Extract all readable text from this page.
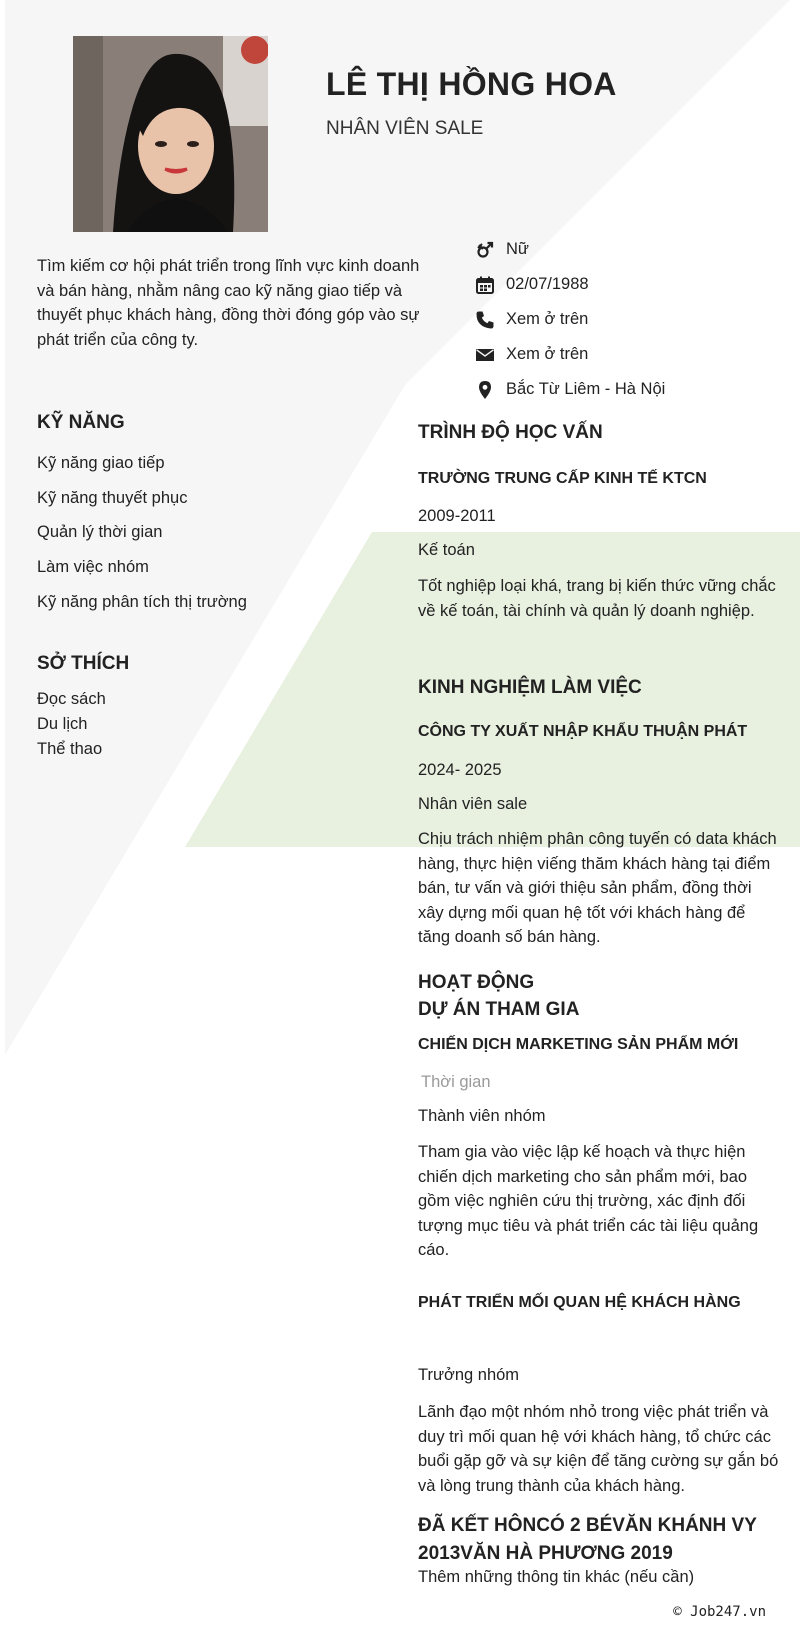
LÊ THỊ HỒNG HOA
NHÂN VIÊN SALE

Tìm kiếm cơ hội phát triển trong lĩnh vực kinh doanh và bán hàng, nhằm nâng cao kỹ năng giao tiếp và thuyết phục khách hàng, đồng thời đóng góp vào sự phát triển của công ty.

KỸ NĂNG
Kỹ năng giao tiếp
Kỹ năng thuyết phục
Quản lý thời gian
Làm việc nhóm
Kỹ năng phân tích thị trường
SỞ THÍCH
Đọc sách
Du lịch
Thể thao
Nữ
02/07/1988
Xem ở trên
Xem ở trên
Bắc Từ Liêm - Hà Nội
TRÌNH ĐỘ HỌC VẤN
TRƯỜNG TRUNG CẤP KINH TẾ KTCN
2009-2011
Kế toán

Tốt nghiệp loại khá, trang bị kiến thức vững chắc về kế toán, tài chính và quản lý doanh nghiệp.

KINH NGHIỆM LÀM VIỆC
CÔNG TY XUẤT NHẬP KHẨU THUẬN PHÁT
2024- 2025
Nhân viên sale

Chịu trách nhiệm phân công tuyến có data khách hàng, thực hiện viếng thăm khách hàng tại điểm bán, tư vấn và giới thiệu sản phẩm, đồng thời xây dựng mối quan hệ tốt với khách hàng để tăng doanh số bán hàng.

HOẠT ĐỘNG
DỰ ÁN THAM GIA
CHIẾN DỊCH MARKETING SẢN PHẨM MỚI
Thời gian
Thành viên nhóm

Tham gia vào việc lập kế hoạch và thực hiện chiến dịch marketing cho sản phẩm mới, bao gồm việc nghiên cứu thị trường, xác định đối tượng mục tiêu và phát triển các tài liệu quảng cáo.

PHÁT TRIỂN MỐI QUAN HỆ KHÁCH HÀNG
Trưởng nhóm

Lãnh đạo một nhóm nhỏ trong việc phát triển và duy trì mối quan hệ với khách hàng, tổ chức các buổi gặp gỡ và sự kiện để tăng cường sự gắn bó và lòng trung thành của khách hàng.

ĐÃ KẾT HÔNCÓ 2 BÉVĂN KHÁNH VY 2013VĂN HÀ PHƯƠNG 2019
Thêm những thông tin khác (nếu cần)
© Job247.vn
